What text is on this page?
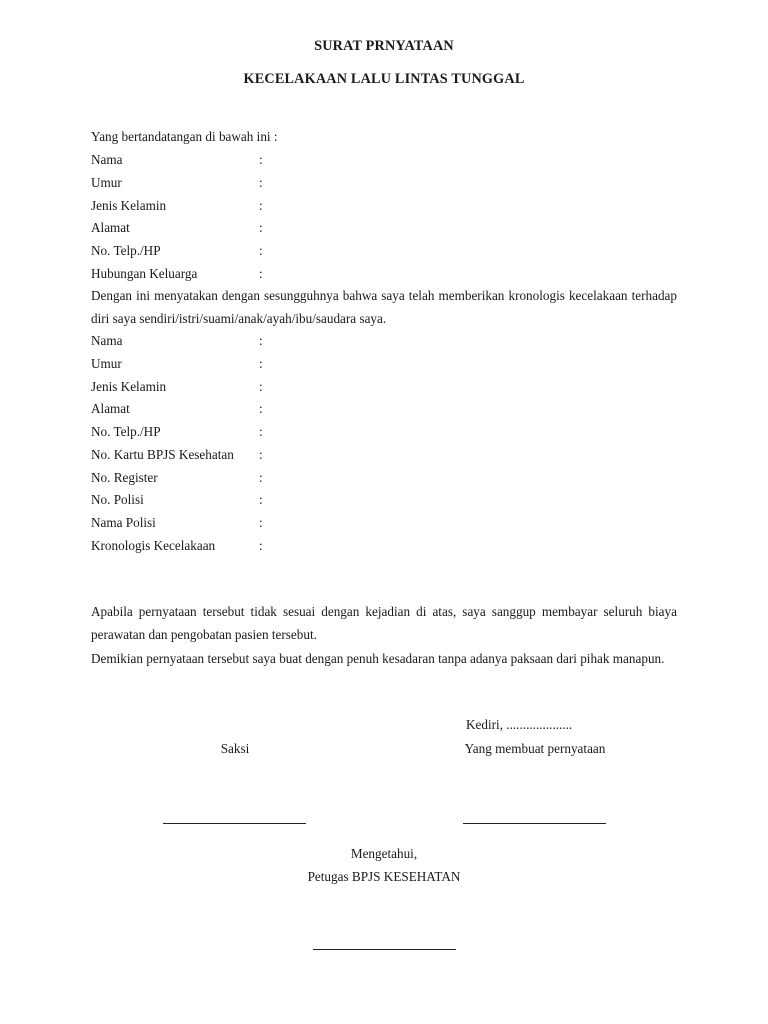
SURAT PRNYATAAN
KECELAKAAN LALU LINTAS TUNGGAL
Yang bertandatangan di bawah ini :
Nama	:
Umur	:
Jenis Kelamin	:
Alamat	:
No. Telp./HP	:
Hubungan Keluarga	:
Dengan ini menyatakan dengan sesungguhnya bahwa saya telah memberikan kronologis kecelakaan terhadap diri saya sendiri/istri/suami/anak/ayah/ibu/saudara saya.
Nama	:
Umur	:
Jenis Kelamin	:
Alamat	:
No. Telp./HP	:
No. Kartu BPJS Kesehatan :
No. Register	:
No. Polisi	:
Nama Polisi	:
Kronologis Kecelakaan	:
Apabila pernyataan tersebut tidak sesuai dengan kejadian di atas, saya sanggup membayar seluruh biaya perawatan dan pengobatan pasien tersebut.
Demikian pernyataan tersebut saya buat dengan penuh kesadaran tanpa adanya paksaan dari pihak manapun.
Kediri, ....................
Saksi	Yang membuat pernyataan
Mengetahui,
Petugas BPJS KESEHATAN
